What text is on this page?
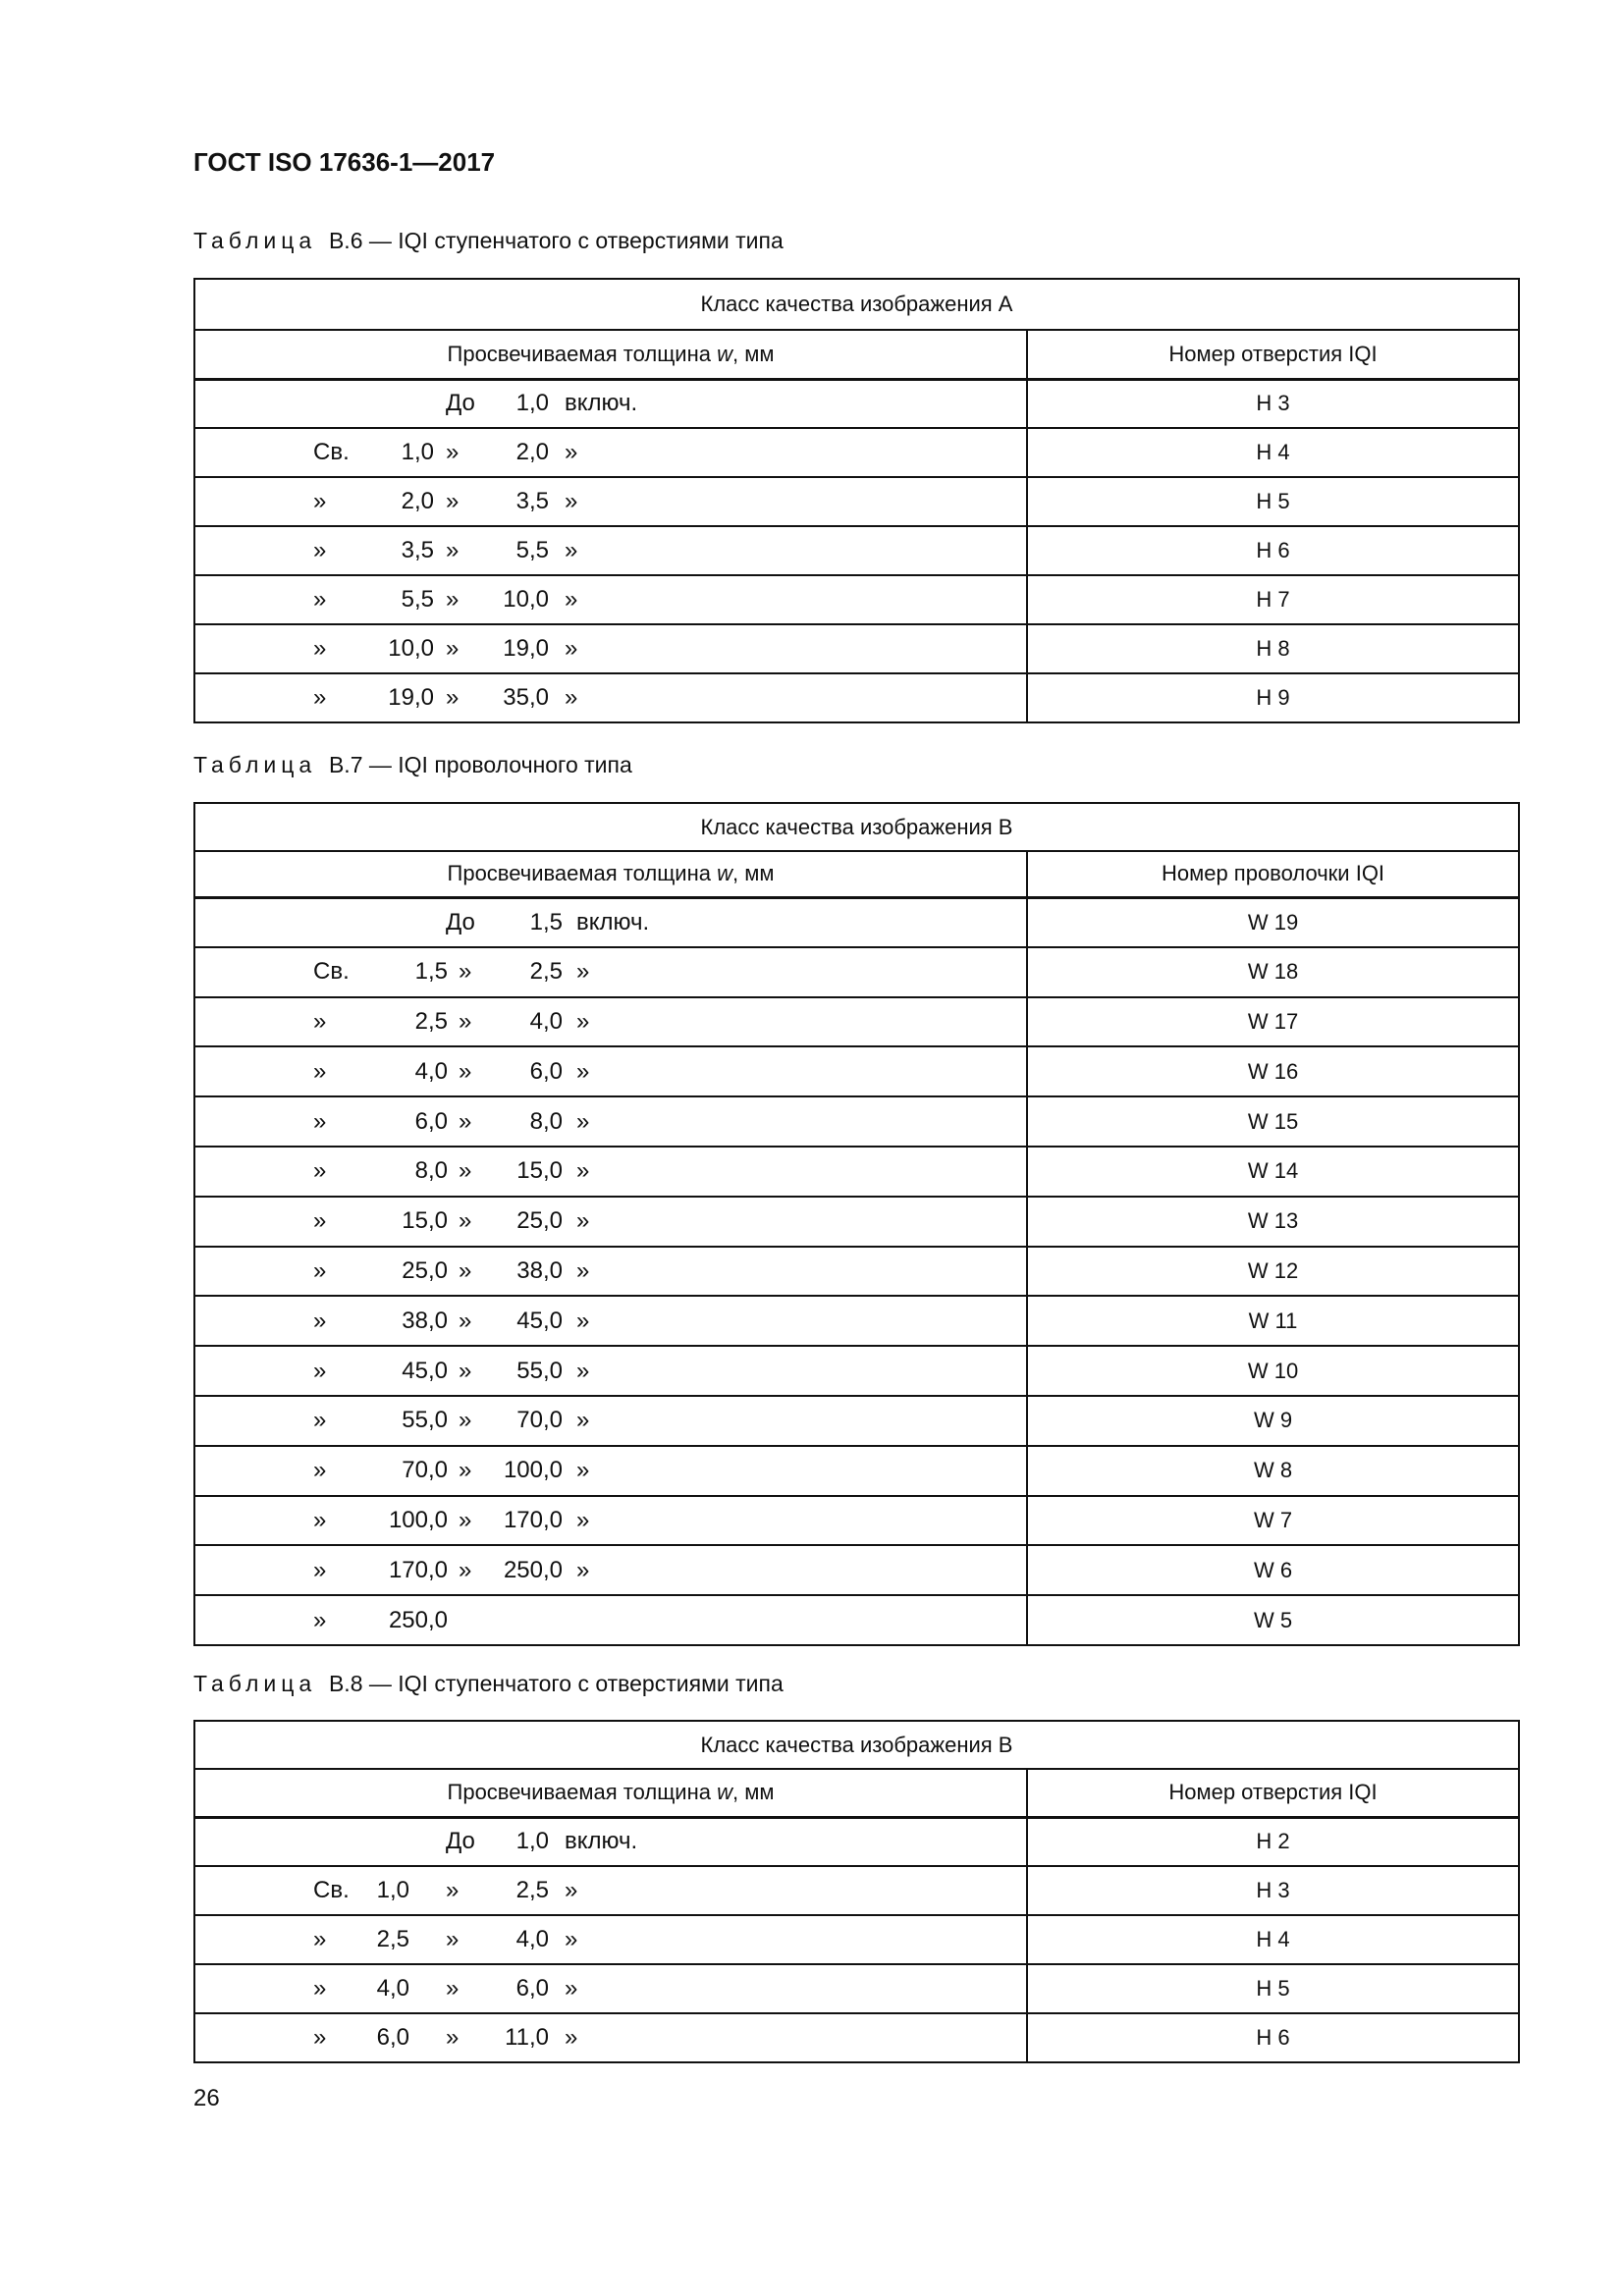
ГОСТ ISO 17636-1—2017
Таблица B.6 — IQI ступенчатого с отверстиями типа
Класс качества изображения А	
Просвечиваемая толщина w, мм	Номер отверстия IQI

До 1,0 включ.	Н 3

Св. 1,0 » 2,0 »	Н 4

» 2,0 » 3,5 »	Н 5

» 3,5 » 5,5 »	Н 6

» 5,5 » 10,0 »	Н 7

» 10,0 » 19,0 »	Н 8

» 19,0 » 35,0 »	Н 9
Таблица B.7 — IQI проволочного типа
Класс качества изображения В	
Просвечиваемая толщина w, мм	Номер проволочки IQI

До 1,5 включ.	W 19

Св. 1,5 » 2,5 »	W 18

» 2,5 » 4,0 »	W 17

» 4,0 » 6,0 »	W 16

» 6,0 » 8,0 »	W 15

» 8,0 » 15,0 »	W 14

» 15,0 » 25,0 »	W 13

» 25,0 » 38,0 »	W 12

» 38,0 » 45,0 »	W 11

» 45,0 » 55,0 »	W 10

» 55,0 » 70,0 »	W 9

» 70,0 » 100,0 »	W 8

» 100,0 » 170,0 »	W 7

» 170,0 » 250,0 »	W 6

» 250,0	W 5
Таблица B.8 — IQI ступенчатого с отверстиями типа
Класс качества изображения В	
Просвечиваемая толщина w, мм	Номер отверстия IQI

До 1,0 включ.	Н 2

Св. 1,0 » 2,5 »	Н 3

» 2,5 » 4,0 »	Н 4

» 4,0 » 6,0 »	Н 5

» 6,0 » 11,0 »	Н 6
26
